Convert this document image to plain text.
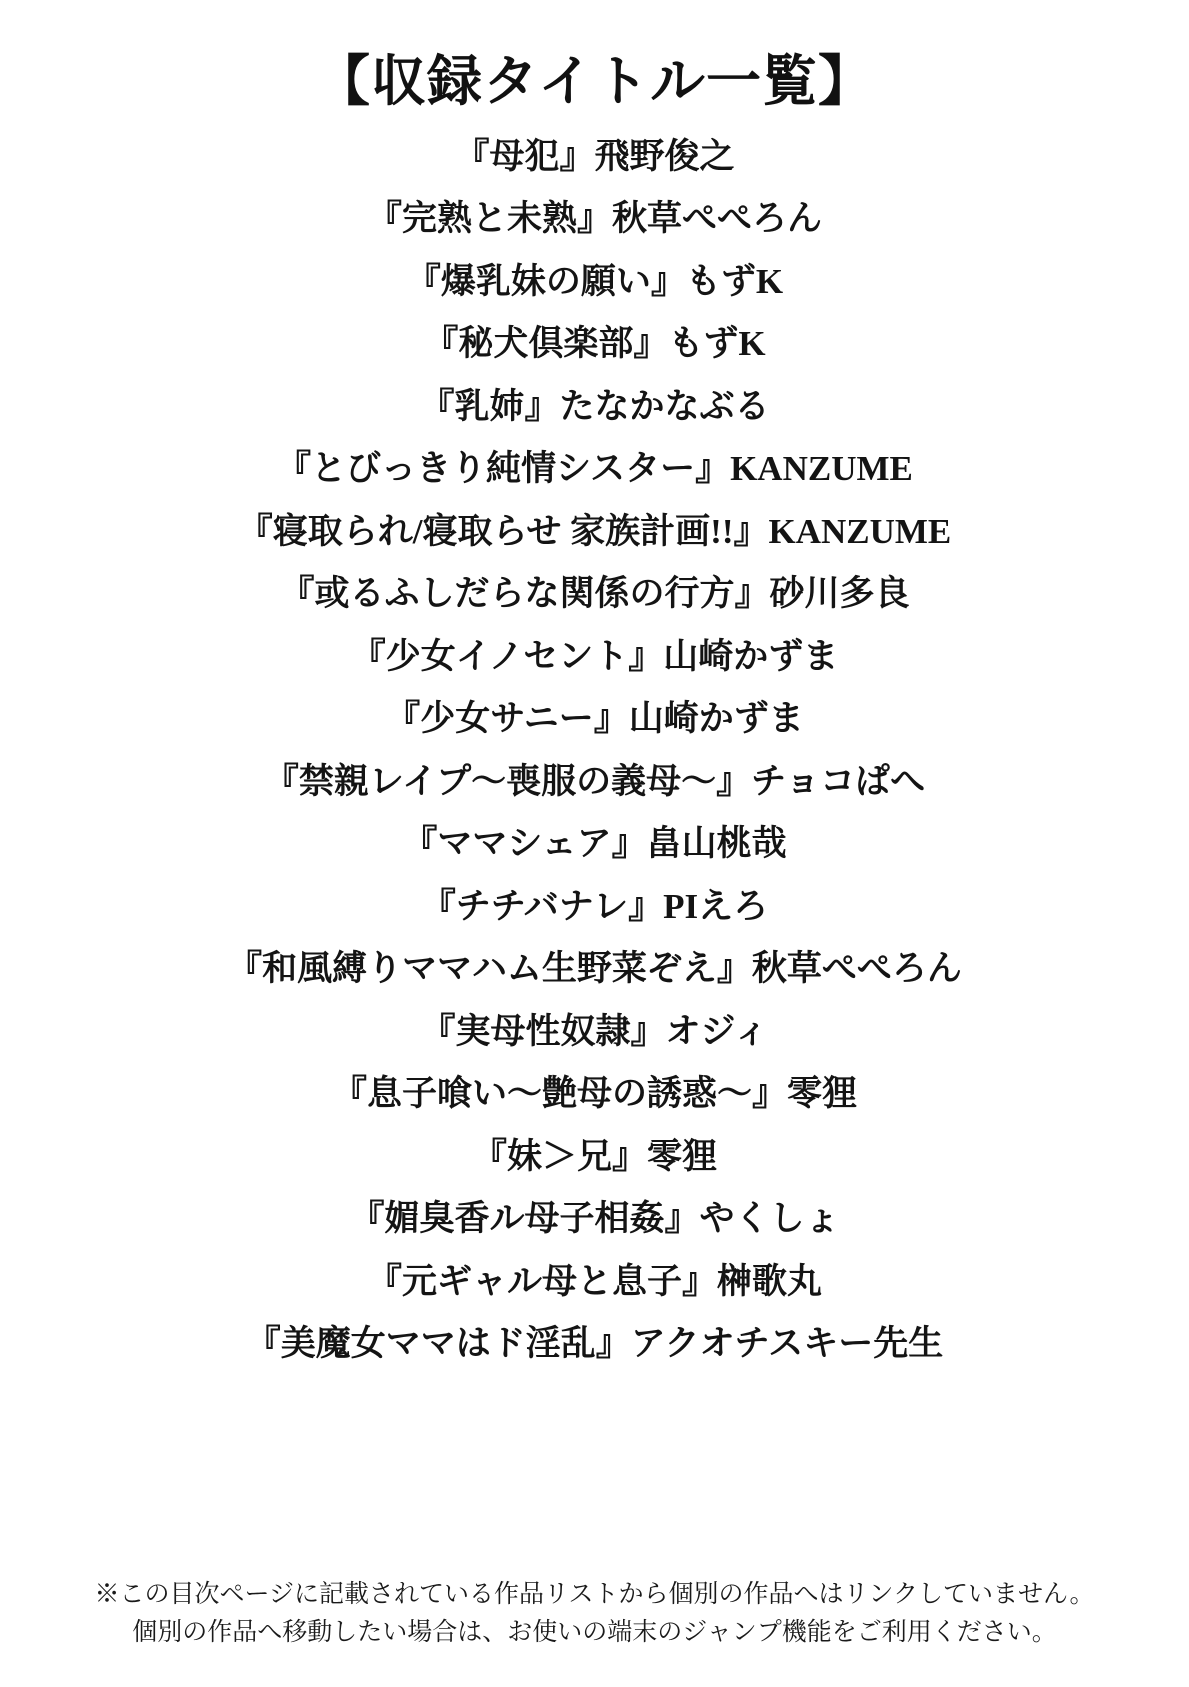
【収録タイトル一覧】
『母犯』飛野俊之
『完熟と未熟』秋草ぺぺろん
『爆乳妹の願い』もずK
『秘犬倶楽部』もずK
『乳姉』たなかなぶる
『とびっきり純情シスター』KANZUME
『寝取られ/寝取らせ 家族計画!!』KANZUME
『或るふしだらな関係の行方』砂川多良
『少女イノセント』山崎かずま
『少女サニー』山崎かずま
『禁親レイプ〜喪服の義母〜』チョコぱへ
『ママシェア』畠山桃哉
『チチバナレ』PIえろ
『和風縛りママハム生野菜ぞえ』秋草ぺぺろん
『実母性奴隷』オジィ
『息子喰い〜艶母の誘惑〜』零狸
『妹＞兄』零狸
『媚臭香ル母子相姦』やくしょ
『元ギャル母と息子』榊歌丸
『美魔女ママはド淫乱』アクオチスキー先生
※この目次ページに記載されている作品リストから個別の作品へはリンクしていません。
個別の作品へ移動したい場合は、お使いの端末のジャンプ機能をご利用ください。
